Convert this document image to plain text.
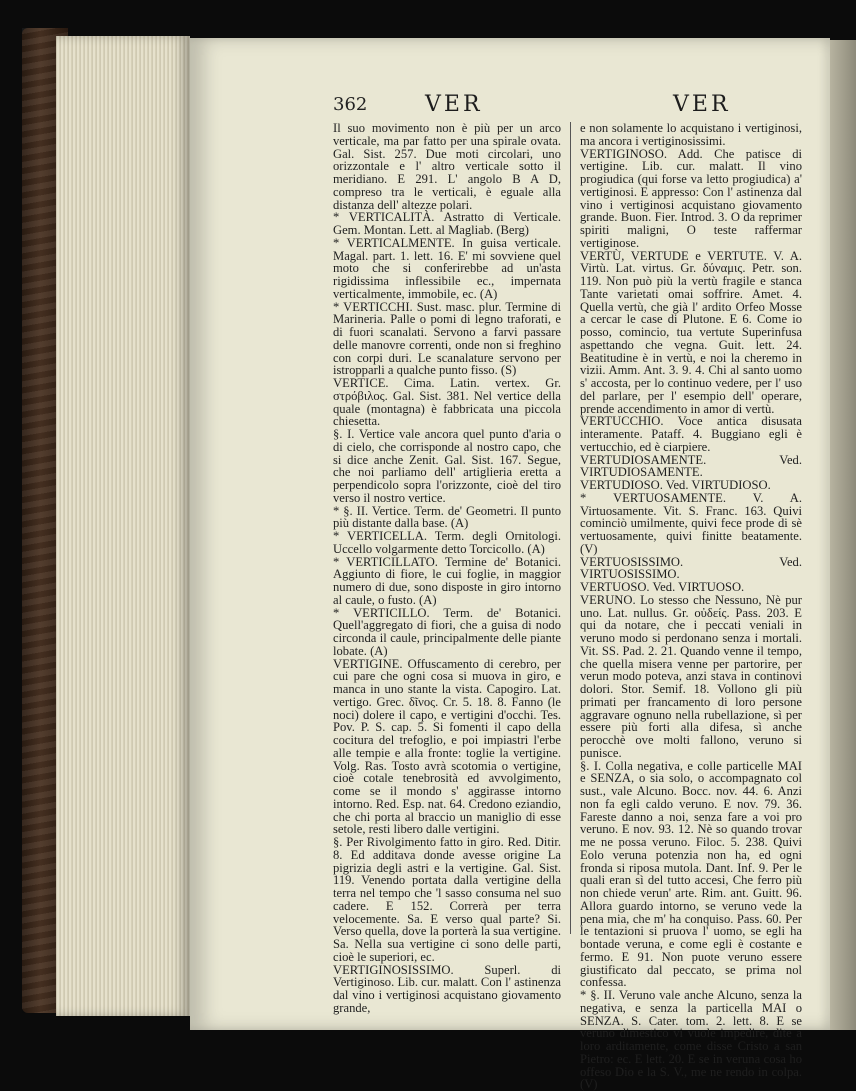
362	VER	VER

Il suo movimento non è più per un arco verticale, ma par fatto per una spirale ovata. Gal. Sist. 257. Due moti circolari, uno orizzontale e l' altro verticale sotto il meridiano. E 291. L' angolo B A D, compreso tra le verticali, è eguale alla distanza dell' altezze polari.

* VERTICALITÀ. Astratto di Verticale. Gem. Montan. Lett. al Magliab. (Berg)

* VERTICALMENTE. In guisa verticale. Magal. part. 1. lett. 16. E' mi sovviene quel moto che si conferirebbe ad un'asta rigidissima inflessibile ec., impernata verticalmente, immobile, ec. (A)

* VERTICCHI. Sust. masc. plur. Termine di Marineria. Palle o pomi di legno traforati, e di fuori scanalati. Servono a farvi passare delle manovre correnti, onde non si freghino con corpi duri. Le scanalature servono per istropparli a qualche punto fisso. (S)

VERTICE. Cima. Latin. vertex. Gr. στρόβιλος. Gal. Sist. 381. Nel vertice della quale (montagna) è fabbricata una piccola chiesetta.

§. I. Vertice vale ancora quel punto d'aria o di cielo, che corrisponde al nostro capo, che si dice anche Zenit. Gal. Sist. 167. Segue, che noi parliamo dell' artiglieria eretta a perpendicolo sopra l'orizzonte, cioè del tiro verso il nostro vertice.

* §. II. Vertice. Term. de' Geometri. Il punto più distante dalla base. (A)

* VERTICELLA. Term. degli Ornitologi. Uccello volgarmente detto Torcicollo. (A)

* VERTICILLATO. Termine de' Botanici. Aggiunto di fiore, le cui foglie, in maggior numero di due, sono disposte in giro intorno al caule, o fusto. (A)

* VERTICILLO. Term. de' Botanici. Quell'aggregato di fiori, che a guisa di nodo circonda il caule, principalmente delle piante lobate. (A)

VERTIGINE. Offuscamento di cerebro, per cui pare che ogni cosa si muova in giro, e manca in uno stante la vista. Capogiro. Lat. vertigo. Grec. δῖνος. Cr. 5. 18. 8. Fanno (le noci) dolere il capo, e vertigini d'occhi. Tes. Pov. P. S. cap. 5. Si fomenti il capo della cocitura del trefoglio, e poi impiastri l'erbe alle tempie e alla fronte: toglie la vertigine. Volg. Ras. Tosto avrà scotomia o vertigine, cioè cotale tenebrosità ed avvolgimento, come se il mondo s' aggirasse intorno intorno. Red. Esp. nat. 64. Credono eziandio, che chi porta al braccio un maniglio di esse setole, resti libero dalle vertigini.

§. Per Rivolgimento fatto in giro. Red. Ditir. 8. Ed additava donde avesse origine La pigrizia degli astri e la vertigine. Gal. Sist. 119. Venendo portata dalla vertigine della terra nel tempo che 'l sasso consuma nel suo cadere. E 152. Correrà per terra velocemente. Sa. E verso qual parte? Si. Verso quella, dove la porterà la sua vertigine. Sa. Nella sua vertigine ci sono delle parti, cioè le superiori, ec.

VERTIGINOSISSIMO. Superl. di Vertiginoso. Lib. cur. malatt. Con l' astinenza dal vino i vertiginosi acquistano giovamento grande,

e non solamente lo acquistano i vertiginosi, ma ancora i vertiginosissimi.

VERTIGINOSO. Add. Che patisce di vertigine. Lib. cur. malatt. Il vino progiudica (qui forse va letto progiudica) a' vertiginosi. E appresso: Con l' astinenza dal vino i vertiginosi acquistano giovamento grande. Buon. Fier. Introd. 3. O da reprimer spiriti maligni, O teste raffermar vertiginose.

VERTÙ, VERTUDE e VERTUTE. V. A. Virtù. Lat. virtus. Gr. δύναμις. Petr. son. 119. Non può più la vertù fragile e stanca Tante varietati omai soffrire. Amet. 4. Quella vertù, che già l' ardito Orfeo Mosse a cercar le case di Plutone. E 6. Come io posso, comincio, tua vertute Superinfusa aspettando che vegna. Guit. lett. 24. Beatitudine è in vertù, e noi la cheremo in vizii. Amm. Ant. 3. 9. 4. Chi al santo uomo s' accosta, per lo continuo vedere, per l' uso del parlare, per l' esempio dell' operare, prende accendimento in amor di vertù.

VERTUCCHIO. Voce antica disusata interamente. Pataff. 4. Buggiano egli è vertucchio, ed è ciarpiere.

VERTUDIOSAMENTE. Ved. VIRTUDIOSAMENTE.

VERTUDIOSO. Ved. VIRTUDIOSO.

* VERTUOSAMENTE. V. A. Virtuosamente. Vit. S. Franc. 163. Quivi cominciò umilmente, quivi fece prode di sè vertuosamente, quivi finitte beatamente. (V)

VERTUOSISSIMO. Ved. VIRTUOSISSIMO.

VERTUOSO. Ved. VIRTUOSO.

VERUNO. Lo stesso che Nessuno, Nè pur uno. Lat. nullus. Gr. οὐδείς. Pass. 203. E qui da notare, che i peccati veniali in veruno modo si perdonano senza i mortali. Vit. SS. Pad. 2. 21. Quando venne il tempo, che quella misera venne per partorire, per verun modo poteva, anzi stava in continovi dolori. Stor. Semif. 18. Vollono gli più primati per francamento di loro persone aggravare ognuno nella rubellazione, sì per essere più forti alla difesa, sì anche perocchè ove molti fallono, veruno si punisce.

§. I. Colla negativa, e colle particelle MAI e SENZA, o sia solo, o accompagnato col sust., vale Alcuno. Bocc. nov. 44. 6. Anzi non fa egli caldo veruno. E nov. 79. 36. Fareste danno a noi, senza fare a voi pro veruno. E nov. 93. 12. Nè so quando trovar me ne possa veruno. Filoc. 5. 238. Quivi Eolo veruna potenzia non ha, ed ogni fronda si riposa mutola. Dant. Inf. 9. Per le quali eran sì del tutto accesi, Che ferro più non chiede verun' arte. Rim. ant. Guitt. 96. Allora guardo intorno, se veruno vede la pena mia, che m' ha conquiso. Pass. 60. Per le tentazioni si pruova l' uomo, se egli ha bontade veruna, e come egli è costante e fermo. E 91. Non puote veruno essere giustificato dal peccato, se prima nol confessa.

* §. II. Veruno vale anche Alcuno, senza la negativa, e senza la particella MAI o SENZA. S. Cater. tom. 2. lett. 8. E se veruno dimestico vi vuole impedire, dite a loro arditamente, come disse Cristo a san Pietro: ec. E lett. 20. E se in veruna cosa ho offeso Dio e la S. V., me ne rendo in colpa. (V)
